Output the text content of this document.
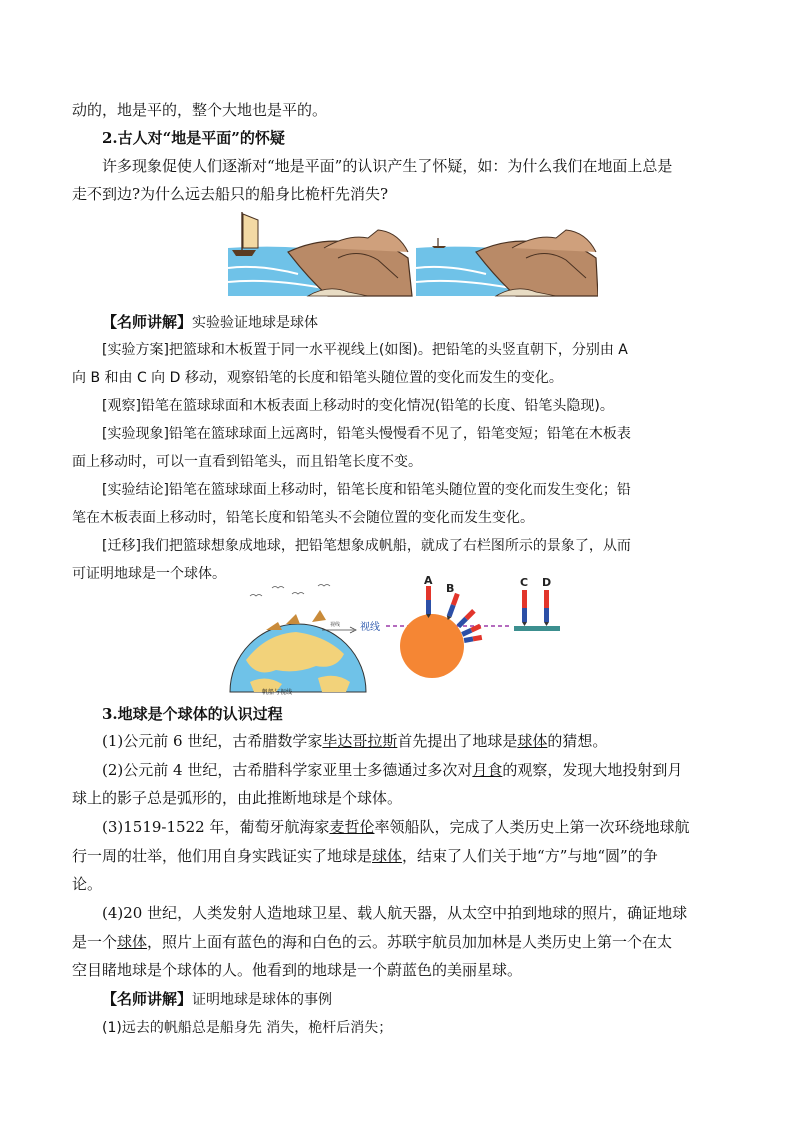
动的，地是平的，整个大地也是平的。
2.古人对“地是平面”的怀疑
许多现象促使人们逐渐对“地是平面”的认识产生了怀疑，如：为什么我们在地面上总是
走不到边?为什么远去船只的船身比桅杆先消失?
【名师讲解】实验验证地球是球体
[实验方案]把篮球和木板置于同一水平视线上(如图)。把铅笔的头竖直朝下，分别由 A
向 B 和由 C 向 D 移动，观察铅笔的长度和铅笔头随位置的变化而发生的变化。
[观察]铅笔在篮球球面和木板表面上移动时的变化情况(铅笔的长度、铅笔头隐现)。
[实验现象]铅笔在篮球球面上远离时，铅笔头慢慢看不见了，铅笔变短；铅笔在木板表
面上移动时，可以一直看到铅笔头，而且铅笔长度不变。
[实验结论]铅笔在篮球球面上移动时，铅笔长度和铅笔头随位置的变化而发生变化；铅
笔在木板表面上移动时，铅笔长度和铅笔头不会随位置的变化而发生变化。
[迁移]我们把篮球想象成地球，把铅笔想象成帆船，就成了右栏图所示的景象了，从而
可证明地球是一个球体。
视线
帆船与视线
视线
A
B	C D
3.地球是个球体的认识过程
(1)公元前 6 世纪，古希腊数学家毕达哥拉斯首先提出了地球是球体的猜想。
(2)公元前 4 世纪，古希腊科学家亚里士多德通过多次对月食的观察，发现大地投射到月
球上的影子总是弧形的，由此推断地球是个球体。
(3)1519-1522 年，葡萄牙航海家麦哲伦率领船队，完成了人类历史上第一次环绕地球航
行一周的壮举，他们用自身实践证实了地球是球体，结束了人们关于地“方”与地“圆”的争
论。
(4)20 世纪，人类发射人造地球卫星、载人航天器，从太空中拍到地球的照片，确证地球
是一个球体，照片上面有蓝色的海和白色的云。苏联宇航员加加林是人类历史上第一个在太
空目睹地球是个球体的人。他看到的地球是一个蔚蓝色的美丽星球。
【名师讲解】证明地球是球体的事例
(1)远去的帆船总是船身先 消失，桅杆后消失；
